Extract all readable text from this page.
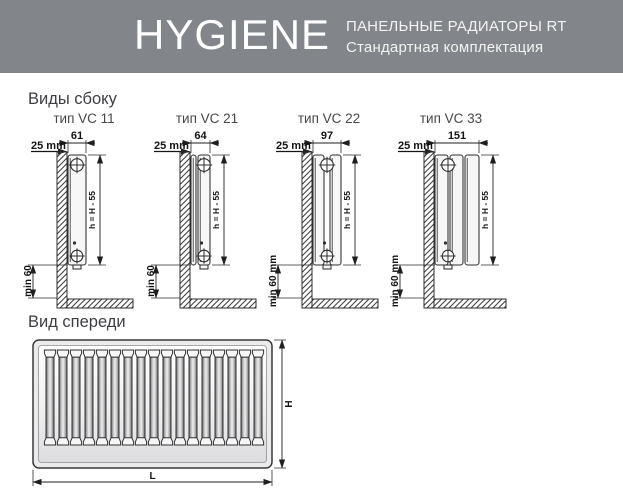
HYGIENE ПАНЕЛЬНЫЕ РАДИАТОРЫ RT
Стандартная комплектация
Виды сбоку
тип VC 11
61
25 mm
h = H - 55
min 60
тип VC 21
64
25 mm
h = H - 55
min 60
тип VC 22
97
25 mm
h = H - 55
min 60 mm
тип VC 33
151
25 mm
h = H - 55
min 60 mm
Вид спереди
H
L
